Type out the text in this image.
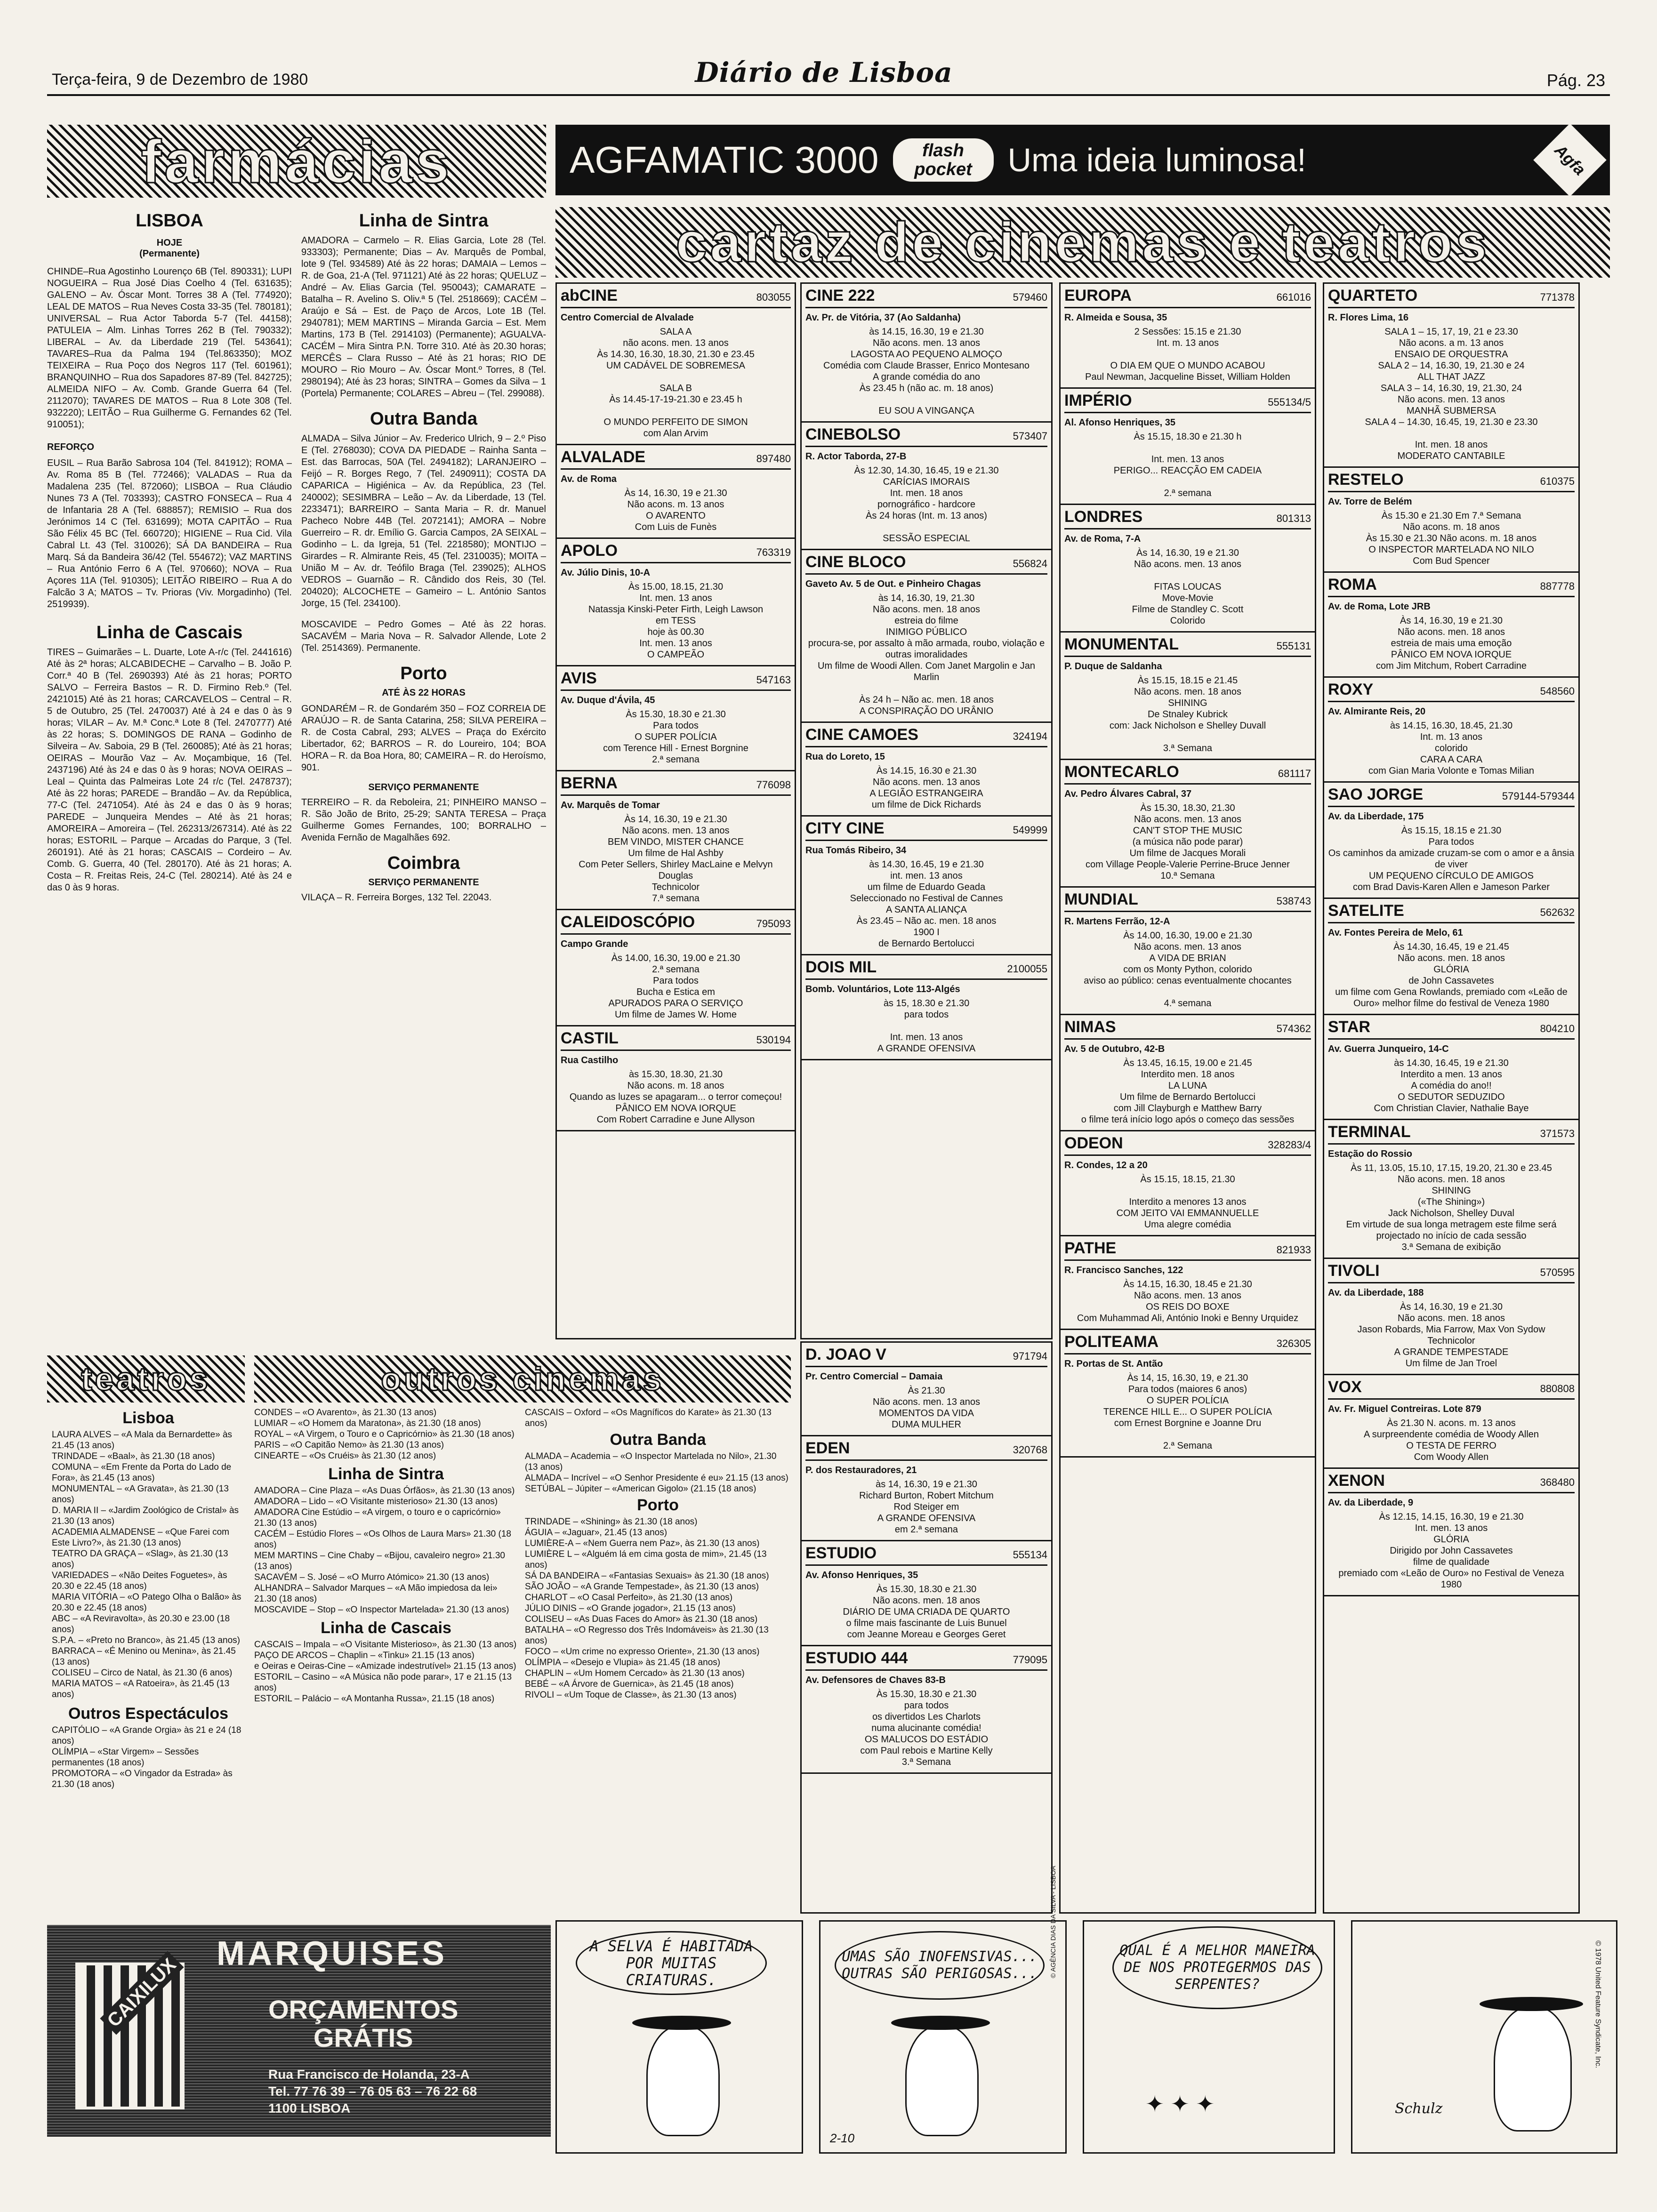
Terça-feira, 9 de Dezembro de 1980	Diário de Lisboa	Pág. 23
farmácias
LISBOA
HOJE
(Permanente)
CHINDE–Rua Agostinho Lourenço 6B (Tel. 890331); LUPI NOGUEIRA – Rua José Dias Coelho 4 (Tel. 631635); GALENO – Av. Óscar Mont. Torres 38 A (Tel. 774920); LEAL DE MATOS – Rua Neves Costa 33-35 (Tel. 780181); UNIVERSAL – Rua Actor Taborda 5-7 (Tel. 44158); PATULEIA – Alm. Linhas Torres 262 B (Tel. 790332); LIBERAL – Av. da Liberdade 219 (Tel. 543641); TAVARES–Rua da Palma 194 (Tel.863350); MOZ TEIXEIRA – Rua Poço dos Negros 117 (Tel. 601961); BRANQUINHO – Rua dos Sapadores 87-89 (Tel. 842725); ALMEIDA NIFO – Av. Comb. Grande Guerra 64 (Tel. 2112070); TAVARES DE MATOS – Rua 8 Lote 308 (Tel. 932220); LEITÃO – Rua Guilherme G. Fernandes 62 (Tel. 910051);
REFORÇO
EUSIL – Rua Barão Sabrosa 104 (Tel. 841912); ROMA – Av. Roma 85 B (Tel. 772466); VALADAS – Rua da Madalena 235 (Tel. 872060); LISBOA – Rua Cláudio Nunes 73 A (Tel. 703393); CASTRO FONSECA – Rua 4 de Infantaria 28 A (Tel. 688857); REMISIO – Rua dos Jerónimos 14 C (Tel. 631699); MOTA CAPITÃO – Rua São Félix 45 BC (Tel. 660720); HIGIENE – Rua Cid. Vila Cabral Lt. 43 (Tel. 310026); SÁ DA BANDEIRA – Rua Marq. Sá da Bandeira 36/42 (Tel. 554672); VAZ MARTINS – Rua António Ferro 6 A (Tel. 970660); NOVA – Rua Açores 11A (Tel. 910305); LEITÃO RIBEIRO – Rua A do Falcão 3 A; MATOS – Tv. Prioras (Viv. Morgadinho) (Tel. 2519939).
Linha de Cascais
TIRES – Guimarães – L. Duarte, Lote A-r/c (Tel. 2441616) Até às 2ª horas; ALCABIDECHE – Carvalho – B. João P. Corr.ª 40 B (Tel. 2690393) Até às 21 horas; PORTO SALVO – Ferreira Bastos – R. D. Firmino Reb.º (Tel. 2421015) Até às 21 horas; CARCAVELOS – Central – R. 5 de Outubro, 25 (Tel. 2470037) Até à 24 e das 0 às 9 horas; VILAR – Av. M.ª Conc.ª Lote 8 (Tel. 2470777) Até às 22 horas; S. DOMINGOS DE RANA – Godinho de Silveira – Av. Saboia, 29 B (Tel. 260085); Até às 21 horas; OEIRAS – Mourão Vaz – Av. Moçambique, 16 (Tel. 2437196) Até às 24 e das 0 às 9 horas; NOVA OEIRAS – Leal – Quinta das Palmeiras Lote 24 r/c (Tel. 2478737); Até às 22 horas; PAREDE – Brandão – Av. da República, 77-C (Tel. 2471054). Até às 24 e das 0 às 9 horas; PAREDE – Junqueira Mendes – Até às 21 horas; AMOREIRA – Amoreira – (Tel. 262313/267314). Até às 22 horas; ESTORIL – Parque – Arcadas do Parque, 3 (Tel. 260191). Até às 21 horas; CASCAIS – Cordeiro – Av. Comb. G. Guerra, 40 (Tel. 280170). Até às 21 horas; A. Costa – R. Freitas Reis, 24-C (Tel. 280214). Até às 24 e das 0 às 9 horas.
Linha de Sintra
AMADORA – Carmelo – R. Elias Garcia, Lote 28 (Tel. 933303); Permanente; Dias – Av. Marquês de Pombal, lote 9 (Tel. 934589) Até às 22 horas; DAMAIA – Lemos – R. de Goa, 21-A (Tel. 971121) Até às 22 horas; QUELUZ – André – Av. Elias Garcia (Tel. 950043); CAMARATE – Batalha – R. Avelino S. Oliv.ª 5 (Tel. 2518669); CACÉM – Araújo e Sá – Est. de Paço de Arcos, Lote 1B (Tel. 2940781); MEM MARTINS – Miranda Garcia – Est. Mem Martins, 173 B (Tel. 2914103) (Permanente); AGUALVA-CACÉM – Mira Sintra P.N. Torre 310. Até às 20.30 horas; MERCÊS – Clara Russo – Até às 21 horas; RIO DE MOURO – Rio Mouro – Av. Óscar Mont.º Torres, 8 (Tel. 2980194); Até às 23 horas; SINTRA – Gomes da Silva – 1 (Portela) Permanente; COLARES – Abreu – (Tel. 299088).
Outra Banda
ALMADA – Silva Júnior – Av. Frederico Ulrich, 9 – 2.º Piso E (Tel. 2768030); COVA DA PIEDADE – Rainha Santa – Est. das Barrocas, 50A (Tel. 2494182); LARANJEIRO – Feijó – R. Borges Rego, 7 (Tel. 2490911); COSTA DA CAPARICA – Higiénica – Av. da República, 23 (Tel. 240002); SESIMBRA – Leão – Av. da Liberdade, 13 (Tel. 2233471); BARREIRO – Santa Maria – R. dr. Manuel Pacheco Nobre 44B (Tel. 2072141); AMORA – Nobre Guerreiro – R. dr. Emílio G. Garcia Campos, 2A SEIXAL – Godinho – L. da Igreja, 51 (Tel. 2218580); MONTIJO – Girardes – R. Almirante Reis, 45 (Tel. 2310035); MOITA – União M – Av. dr. Teófilo Braga (Tel. 239025); ALHOS VEDROS – Guarnão – R. Cândido dos Reis, 30 (Tel. 204020); ALCOCHETE – Gameiro – L. António Santos Jorge, 15 (Tel. 234100).
MOSCAVIDE – Pedro Gomes – Até às 22 horas. SACAVÉM – Maria Nova – R. Salvador Allende, Lote 2 (Tel. 2514369). Permanente.
Porto
ATÉ ÀS 22 HORAS
GONDARÉM – R. de Gondarém 350 – FOZ CORREIA DE ARAÚJO – R. de Santa Catarina, 258; SILVA PEREIRA – R. de Costa Cabral, 293; ALVES – Praça do Exército Libertador, 62; BARROS – R. do Loureiro, 104; BOA HORA – R. da Boa Hora, 80; CAMEIRA – R. do Heroísmo, 901.
SERVIÇO PERMANENTE
TERREIRO – R. da Reboleira, 21; PINHEIRO MANSO – R. São João de Brito, 25-29; SANTA TERESA – Praça Guilherme Gomes Fernandes, 100; BORRALHO – Avenida Fernão de Magalhães 692.
Coimbra
SERVIÇO PERMANENTE
VILAÇA – R. Ferreira Borges, 132 Tel. 22043.
AGFAMATIC 3000	flash pocket	Uma ideia luminosa!	Agfa
cartaz de cinemas e teatros
abCINE	803055
Centro Comercial de Alvalade
SALA A
não acons. men. 13 anos
Às 14.30, 16.30, 18.30, 21.30 e 23.45
UM CADÁVEL DE SOBREMESA

SALA B
Às 14.45-17-19-21.30 e 23.45 h

O MUNDO PERFEITO DE SIMON
com Alan Arvim
ALVALADE	897480
Av. de Roma
Às 14, 16.30, 19 e 21.30
Não acons. m. 13 anos
O AVARENTO
Com Luis de Funès
APOLO	763319
Av. Júlio Dinis, 10-A
Às 15.00, 18.15, 21.30
Int. men. 13 anos
Natassja Kinski-Peter Firth, Leigh Lawson
em TESS
hoje às 00.30
Int. men. 13 anos
O CAMPEÃO
AVIS	547163
Av. Duque d'Ávila, 45
Às 15.30, 18.30 e 21.30
Para todos
O SUPER POLÍCIA
com Terence Hill - Ernest Borgnine
2.ª semana
BERNA	776098
Av. Marquês de Tomar
Às 14, 16.30, 19 e 21.30
Não acons. men. 13 anos
BEM VINDO, MISTER CHANCE
Um filme de Hal Ashby
Com Peter Sellers, Shirley MacLaine e Melvyn Douglas
Technicolor
7.ª semana
CALEIDOSCÓPIO	795093
Campo Grande
Às 14.00, 16.30, 19.00 e 21.30
2.ª semana
Para todos
Bucha e Estica em
APURADOS PARA O SERVIÇO
Um filme de James W. Home
CASTIL	530194
Rua Castilho
às 15.30, 18.30, 21.30
Não acons. m. 18 anos
Quando as luzes se apagaram... o terror começou!
PÂNICO EM NOVA IORQUE
Com Robert Carradine e June Allyson
CINE 222	579460
Av. Pr. de Vitória, 37 (Ao Saldanha)
às 14.15, 16.30, 19 e 21.30
Não acons. men. 13 anos
LAGOSTA AO PEQUENO ALMOÇO
Comédia com Claude Brasser, Enrico Montesano
A grande comédia do ano
Às 23.45 h (não ac. m. 18 anos)

EU SOU A VINGANÇA
CINEBOLSO	573407
R. Actor Taborda, 27-B
Às 12.30, 14.30, 16.45, 19 e 21.30
CARÍCIAS IMORAIS
Int. men. 18 anos
pornográfico - hardcore
Às 24 horas (Int. m. 13 anos)

SESSÃO ESPECIAL
CINE BLOCO	556824
Gaveto Av. 5 de Out. e Pinheiro Chagas
às 14, 16.30, 19, 21.30
Não acons. men. 18 anos
estreia do filme
INIMIGO PÚBLICO
procura-se, por assalto à mão armada, roubo, violação e outras imoralidades
Um filme de Woodi Allen. Com Janet Margolin e Jan Marlin

Às 24 h – Não ac. men. 18 anos
A CONSPIRAÇÃO DO URÂNIO
CINE CAMOES	324194
Rua do Loreto, 15
Às 14.15, 16.30 e 21.30
Não acons. men. 13 anos
A LEGIÃO ESTRANGEIRA
um filme de Dick Richards
CITY CINE	549999
Rua Tomás Ribeiro, 34
às 14.30, 16.45, 19 e 21.30
int. men. 13 anos
um filme de Eduardo Geada
Seleccionado no Festival de Cannes
A SANTA ALIANÇA
Às 23.45 – Não ac. men. 18 anos
1900 I
de Bernardo Bertolucci
DOIS MIL	2100055
Bomb. Voluntários, Lote 113-Algés
às 15, 18.30 e 21.30
para todos

Int. men. 13 anos
A GRANDE OFENSIVA
EUROPA	661016
R. Almeida e Sousa, 35
2 Sessões: 15.15 e 21.30
Int. m. 13 anos

O DIA EM QUE O MUNDO ACABOU
Paul Newman, Jacqueline Bisset, William Holden
IMPÉRIO	555134/5
Al. Afonso Henriques, 35
Às 15.15, 18.30 e 21.30 h

Int. men. 13 anos
PERIGO... REACÇÃO EM CADEIA

2.ª semana
LONDRES	801313
Av. de Roma, 7-A
Às 14, 16.30, 19 e 21.30
Não acons. men. 13 anos

FITAS LOUCAS
Move-Movie
Filme de Standley C. Scott
Colorido
MONUMENTAL	555131
P. Duque de Saldanha
Às 15.15, 18.15 e 21.45
Não acons. men. 18 anos
SHINING
De Stnaley Kubrick
com: Jack Nicholson e Shelley Duvall

3.ª Semana
MONTECARLO	681117
Av. Pedro Álvares Cabral, 37
Às 15.30, 18.30, 21.30
Não acons. men. 13 anos
CAN'T STOP THE MUSIC
(a música não pode parar)
Um filme de Jacques Morali
com Village People-Valerie Perrine-Bruce Jenner
10.ª Semana
MUNDIAL	538743
R. Martens Ferrão, 12-A
Às 14.00, 16.30, 19.00 e 21.30
Não acons. men. 13 anos
A VIDA DE BRIAN
com os Monty Python, colorido
aviso ao público: cenas eventualmente chocantes

4.ª semana
NIMAS	574362
Av. 5 de Outubro, 42-B
Às 13.45, 16.15, 19.00 e 21.45
Interdito men. 18 anos
LA LUNA
Um filme de Bernardo Bertolucci
com Jill Clayburgh e Matthew Barry
o filme terá início logo após o começo das sessões
ODEON	328283/4
R. Condes, 12 a 20
Às 15.15, 18.15, 21.30

Interdito a menores 13 anos
COM JEITO VAI EMMANNUELLE
Uma alegre comédia
PATHE	821933
R. Francisco Sanches, 122
Às 14.15, 16.30, 18.45 e 21.30
Não acons. men. 13 anos
OS REIS DO BOXE
Com Muhammad Ali, António Inoki e Benny Urquidez
POLITEAMA	326305
R. Portas de St. Antão
Às 14, 15, 16.30, 19, e 21.30
Para todos (maiores 6 anos)
O SUPER POLÍCIA
TERENCE HILL E... O SUPER POLÍCIA
com Ernest Borgnine e Joanne Dru

2.ª Semana
QUARTETO	771378
R. Flores Lima, 16
SALA 1 – 15, 17, 19, 21 e 23.30
Não acons. a m. 13 anos
ENSAIO DE ORQUESTRA
SALA 2 – 14, 16.30, 19, 21.30 e 24
ALL THAT JAZZ
SALA 3 – 14, 16.30, 19, 21.30, 24
Não acons. men. 13 anos
MANHÃ SUBMERSA
SALA 4 – 14.30, 16.45, 19, 21.30 e 23.30

Int. men. 18 anos
MODERATO CANTABILE
RESTELO	610375
Av. Torre de Belém
Às 15.30 e 21.30 Em 7.ª Semana
Não acons. m. 18 anos
Às 15.30 e 21.30 Não acons. m. 18 anos
O INSPECTOR MARTELADA NO NILO
Com Bud Spencer
ROMA	887778
Av. de Roma, Lote JRB
Às 14, 16.30, 19 e 21.30
Não acons. men. 18 anos
estreia de mais uma emoção
PÂNICO EM NOVA IORQUE
com Jim Mitchum, Robert Carradine
ROXY	548560
Av. Almirante Reis, 20
às 14.15, 16.30, 18.45, 21.30
Int. m. 13 anos
colorido
CARA A CARA
com Gian Maria Volonte e Tomas Milian
SAO JORGE	579144-579344
Av. da Liberdade, 175
Às 15.15, 18.15 e 21.30
Para todos
Os caminhos da amizade cruzam-se com o amor e a ânsia de viver
UM PEQUENO CÍRCULO DE AMIGOS
com Brad Davis-Karen Allen e Jameson Parker
SATELITE	562632
Av. Fontes Pereira de Melo, 61
Às 14.30, 16.45, 19 e 21.45
Não acons. men. 18 anos
GLÓRIA
de John Cassavetes
um filme com Gena Rowlands, premiado com «Leão de Ouro» melhor filme do festival de Veneza 1980
STAR	804210
Av. Guerra Junqueiro, 14-C
às 14.30, 16.45, 19 e 21.30
Interdito a men. 13 anos
A comédia do ano!!
O SEDUTOR SEDUZIDO
Com Christian Clavier, Nathalie Baye
TERMINAL	371573
Estação do Rossio
Às 11, 13.05, 15.10, 17.15, 19.20, 21.30 e 23.45
Não acons. men. 18 anos
SHINING
(«The Shining»)
Jack Nicholson, Shelley Duval
Em virtude de sua longa metragem este filme será projectado no início de cada sessão
3.ª Semana de exibição
TIVOLI	570595
Av. da Liberdade, 188
Às 14, 16.30, 19 e 21.30
Não acons. men. 18 anos
Jason Robards, Mia Farrow, Max Von Sydow
Technicolor
A GRANDE TEMPESTADE
Um filme de Jan Troel
VOX	880808
Av. Fr. Miguel Contreiras. Lote 879
Às 21.30 N. acons. m. 13 anos
A surpreendente comédia de Woody Allen
O TESTA DE FERRO
Com Woody Allen
XENON	368480
Av. da Liberdade, 9
Às 12.15, 14.15, 16.30, 19 e 21.30
Int. men. 13 anos
GLÓRIA
Dirigido por John Cassavetes
filme de qualidade
premiado com «Leão de Ouro» no Festival de Veneza 1980
D. JOAO V	971794
Pr. Centro Comercial – Damaia
Às 21.30
Não acons. men. 13 anos
MOMENTOS DA VIDA
DUMA MULHER
EDEN	320768
P. dos Restauradores, 21
às 14, 16.30, 19 e 21.30
Richard Burton, Robert Mitchum
Rod Steiger em
A GRANDE OFENSIVA
em 2.ª semana
ESTUDIO	555134
Av. Afonso Henriques, 35
Às 15.30, 18.30 e 21.30
Não acons. men. 18 anos
DIÁRIO DE UMA CRIADA DE QUARTO
o filme mais fascinante de Luis Bunuel
com Jeanne Moreau e Georges Geret
ESTUDIO 444	779095
Av. Defensores de Chaves 83-B
Às 15.30, 18.30 e 21.30
para todos
os divertidos Les Charlots
numa alucinante comédia!
OS MALUCOS DO ESTÁDIO
com Paul rebois e Martine Kelly
3.ª Semana
teatros	outros cinemas
Lisboa
LAURA ALVES – «A Mala da Bernardette» às 21.45 (13 anos)
TRINDADE – «Baal», às 21.30 (18 anos)
COMUNA – «Em Frente da Porta do Lado de Fora», às 21.45 (13 anos)
MONUMENTAL – «A Gravata», às 21.30 (13 anos)
D. MARIA II – «Jardim Zoológico de Cristal» às 21.30 (13 anos)
ACADEMIA ALMADENSE – «Que Farei com Este Livro?», às 21.30 (13 anos)
TEATRO DA GRAÇA – «Slag», às 21.30 (13 anos)
VARIEDADES – «Não Deites Foguetes», às 20.30 e 22.45 (18 anos)
MARIA VITÓRIA – «O Patego Olha o Balão» às 20.30 e 22.45 (18 anos)
ABC – «A Reviravolta», às 20.30 e 23.00 (18 anos)
S.P.A. – «Preto no Branco», às 21.45 (13 anos)
BARRACA – «É Menino ou Menina», às 21.45 (13 anos)
COLISEU – Circo de Natal, às 21.30 (6 anos)
MARIA MATOS – «A Ratoeira», às 21.45 (13 anos)
Outros Espectáculos
CAPITÓLIO – «A Grande Orgia» às 21 e 24 (18 anos)
OLÍMPIA – «Star Virgem» – Sessões permanentes (18 anos)
PROMOTORA – «O Vingador da Estrada» às 21.30 (18 anos)
CONDES – «O Avarento», às 21.30 (13 anos)
LUMIAR – «O Homem da Maratona», às 21.30 (18 anos)
ROYAL – «A Virgem, o Touro e o Capricórnio» às 21.30 (18 anos)
PARIS – «O Capitão Nemo» às 21.30 (13 anos)
CINEARTE – «Os Cruéis» às 21.30 (12 anos)
Linha de Sintra
AMADORA – Cine Plaza – «As Duas Órfãos», às 21.30 (13 anos)
AMADORA – Lido – «O Visitante misterioso» 21.30 (13 anos)
AMADORA Cine Estúdio – «A virgem, o touro e o capricórnio» 21.30 (13 anos)
CACÉM – Estúdio Flores – «Os Olhos de Laura Mars» 21.30 (18 anos)
MEM MARTINS – Cine Chaby – «Bijou, cavaleiro negro» 21.30 (13 anos)
SACAVÉM – S. José – «O Murro Atómico» 21.30 (13 anos)
ALHANDRA – Salvador Marques – «A Mão impiedosa da lei» 21.30 (18 anos)
MOSCAVIDE – Stop – «O Inspector Martelada» 21.30 (13 anos)
Linha de Cascais
CASCAIS – Impala – «O Visitante Misterioso», às 21.30 (13 anos)
PAÇO DE ARCOS – Chaplin – «Tinku» 21.15 (13 anos)
e Oeiras e Oeiras-Cine – «Amizade indestrutível» 21.15 (13 anos)
ESTORIL – Casino – «A Música não pode parar», 17 e 21.15 (13 anos)
ESTORIL – Palácio – «A Montanha Russa», 21.15 (18 anos)
CASCAIS – Oxford – «Os Magníficos do Karate» às 21.30 (13 anos)
Outra Banda
ALMADA – Academia – «O Inspector Martelada no Nilo», 21.30 (13 anos)
ALMADA – Incrível – «O Senhor Presidente é eu» 21.15 (13 anos)
SETÚBAL – Júpiter – «American Gigolo» (21.15 (18 anos)
Porto
TRINDADE – «Shining» às 21.30 (18 anos)
ÁGUIA – «Jaguar», 21.45 (13 anos)
LUMIÈRE-A – «Nem Guerra nem Paz», às 21.30 (13 anos)
LUMIÈRE L – «Alguém lá em cima gosta de mim», 21.45 (13 anos)
SÁ DA BANDEIRA – «Fantasias Sexuais» às 21.30 (18 anos)
SÃO JOÃO – «A Grande Tempestade», às 21.30 (13 anos)
CHARLOT – «O Casal Perfeito», às 21.30 (13 anos)
JÚLIO DINIS – «O Grande jogador», 21.15 (13 anos)
COLISEU – «As Duas Faces do Amor» às 21.30 (18 anos)
BATALHA – «O Regresso dos Três Indomáveis» às 21.30 (13 anos)
FOCO – «Um crime no expresso Oriente», 21.30 (13 anos)
OLÍMPIA – «Desejo e Vlupia» às 21.45 (18 anos)
CHAPLIN – «Um Homem Cercado» às 21.30 (13 anos)
BEBÉ – «A Árvore de Guernica», às 21.45 (18 anos)
RIVOLI – «Um Toque de Classe», às 21.30 (13 anos)
MARQUISES
CAIXILUX	ORÇAMENTOS
GRÁTIS
Rua Francisco de Holanda, 23-A
Tel. 77 76 39 – 76 05 63 – 76 22 68
1100 LISBOA
A SELVA É HABITADA POR MUITAS CRIATURAS.
UMAS SÃO INOFENSIVAS... OUTRAS SÃO PERIGOSAS...
2-10
© AGÊNCIA DIAS DA SILVA - LISBOA	QUAL É A MELHOR MANEIRA DE NOS PROTEGERMOS DAS SERPENTES?
✦ ✦ ✦	Schulz
© 1978 United Feature Syndicate, Inc.
